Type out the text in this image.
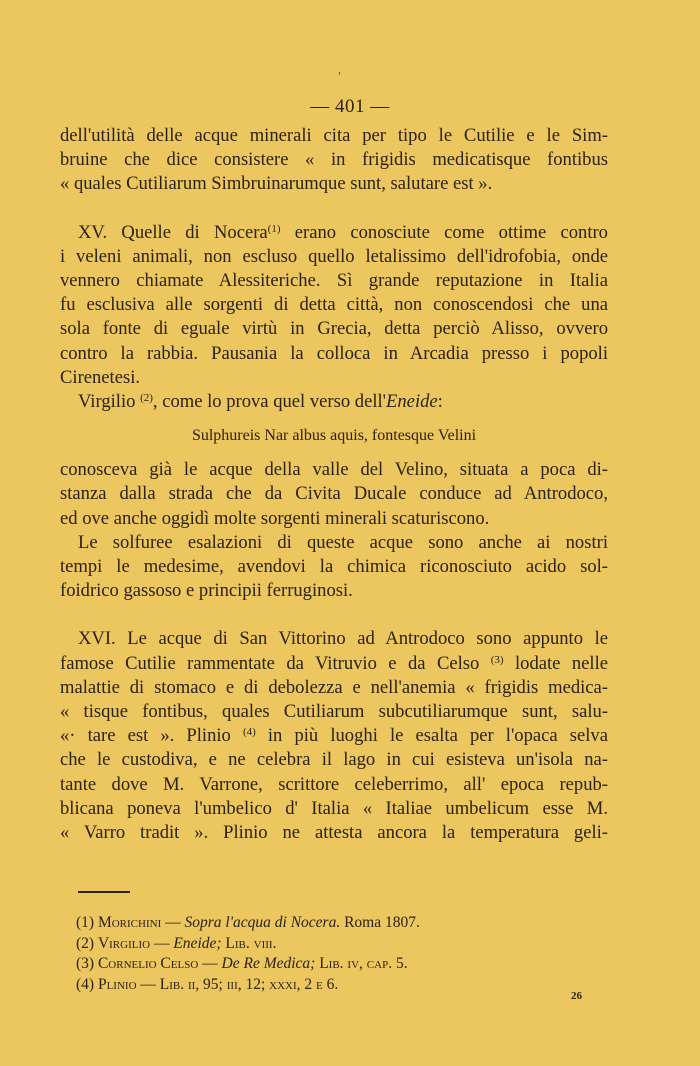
′
— 401 —
dell'utilità delle acque minerali cita per tipo le Cutilie e le Sim-
bruine che dice consistere « in frigidis medicatisque fontibus
« quales Cutiliarum Simbruinarumque sunt, salutare est ».
XV. Quelle di Nocera$^{(1)}$ erano conosciute come ottime contro
i veleni animali, non escluso quello letalissimo dell'idrofobia, onde
vennero chiamate Alessiteriche. Sì grande reputazione in Italia
fu esclusiva alle sorgenti di detta città, non conoscendosi che una
sola fonte di eguale virtù in Grecia, detta perciò Alisso, ovvero
contro la rabbia. Pausania la colloca in Arcadia presso i popoli
Cirenetesi.
Virgilio $^{(2)}$, come lo prova quel verso dell'Eneide:
Sulphureis Nar albus aquis, fontesque Velini
conosceva già le acque della valle del Velino, situata a poca di-
stanza dalla strada che da Civita Ducale conduce ad Antrodoco,
ed ove anche oggidì molte sorgenti minerali scaturiscono.
Le solfuree esalazioni di queste acque sono anche ai nostri
tempi le medesime, avendovi la chimica riconosciuto acido sol-
foidrico gassoso e principii ferruginosi.
XVI. Le acque di San Vittorino ad Antrodoco sono appunto le
famose Cutilie rammentate da Vitruvio e da Celso $^{(3)}$ lodate nelle
malattie di stomaco e di debolezza e nell'anemia « frigidis medica-
« tisque fontibus, quales Cutiliarum subcutiliarumque sunt, salu-
«· tare est ». Plinio $^{(4)}$ in più luoghi le esalta per l'opaca selva
che le custodiva, e ne celebra il lago in cui esisteva un'isola na-
tante dove M. Varrone, scrittore celeberrimo, all' epoca repub-
blicana poneva l'umbelico d' Italia « Italiae umbelicum esse M.
« Varro tradit ». Plinio ne attesta ancora la temperatura geli-
(1) Morichini — Sopra l'acqua di Nocera. Roma 1807.
(2) Virgilio — Eneide; Lib. viii.
(3) Cornelio Celso — De Re Medica; Lib. iv, cap. 5.
(4) Plinio — Lib. ii, 95; iii, 12; xxxi, 2 e 6.
26
